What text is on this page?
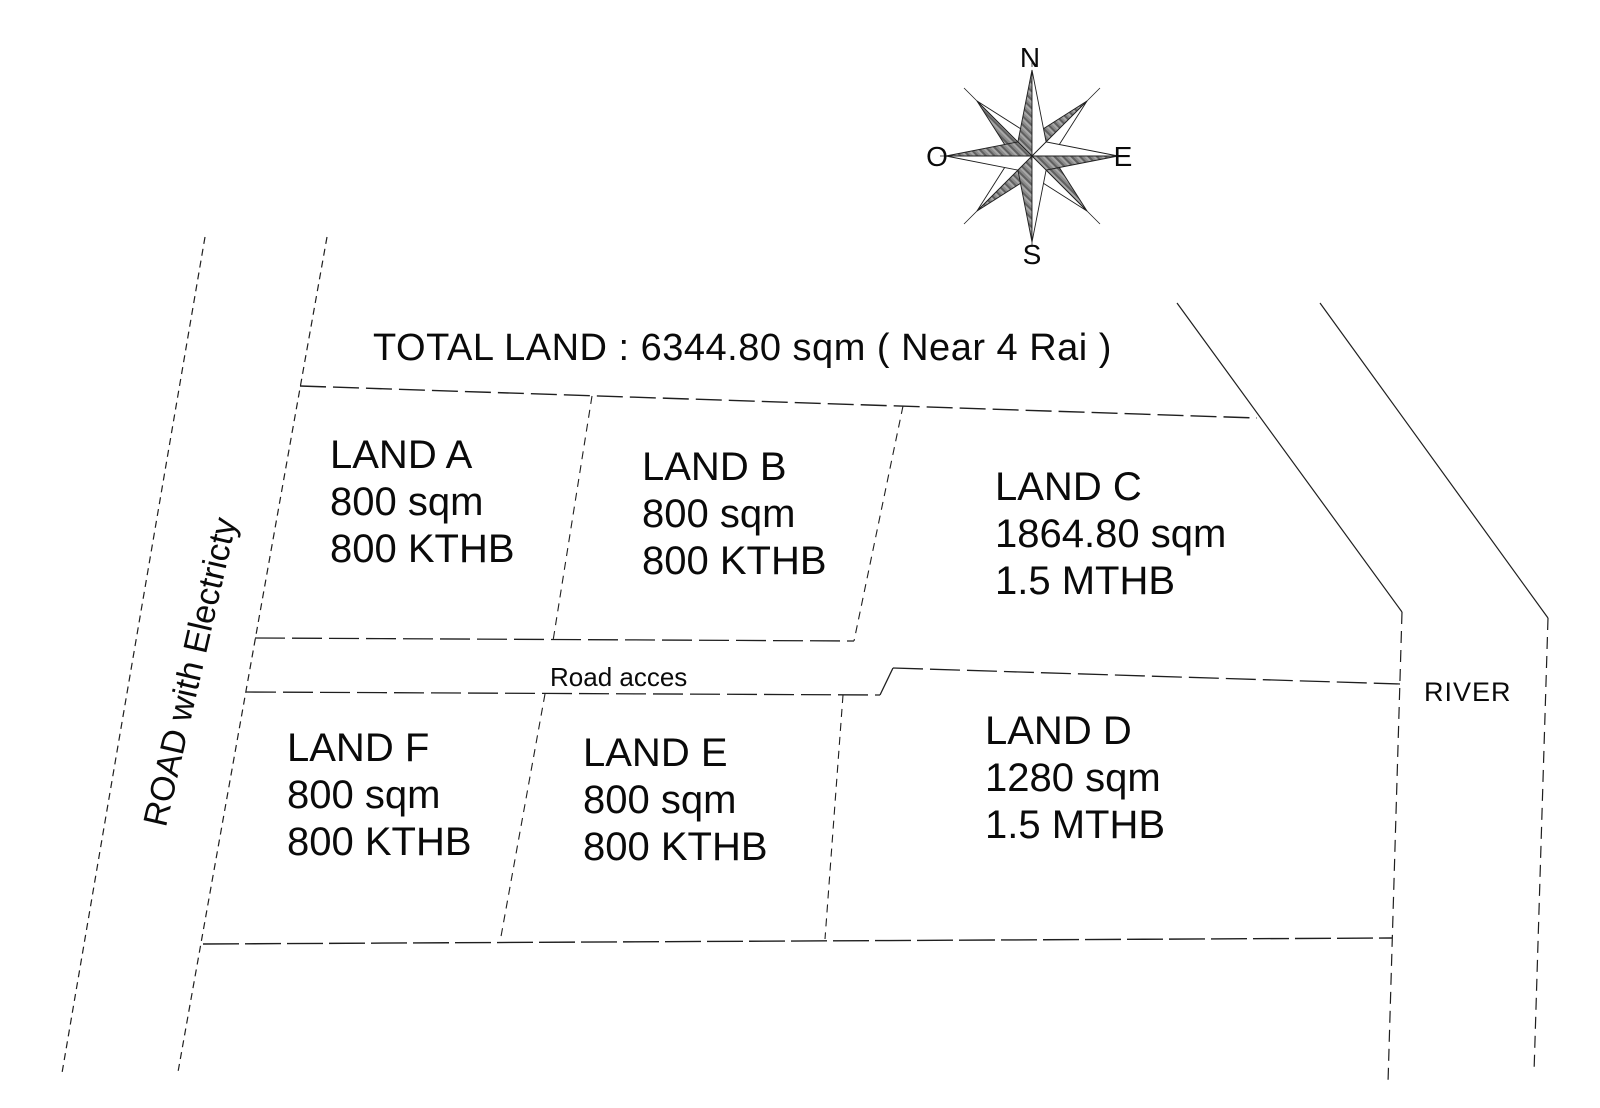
TOTAL LAND : 6344.80 sqm ( Near 4 Rai )
ROAD with Electricty	Road acces	RIVER
N
O	E
S
LAND A
800 sqm
800 KTHB
LAND B
800 sqm
800 KTHB
LAND C
1864.80 sqm
1.5 MTHB
LAND D
1280 sqm
1.5 MTHB
LAND E
800 sqm
800 KTHB
LAND F
800 sqm
800 KTHB
